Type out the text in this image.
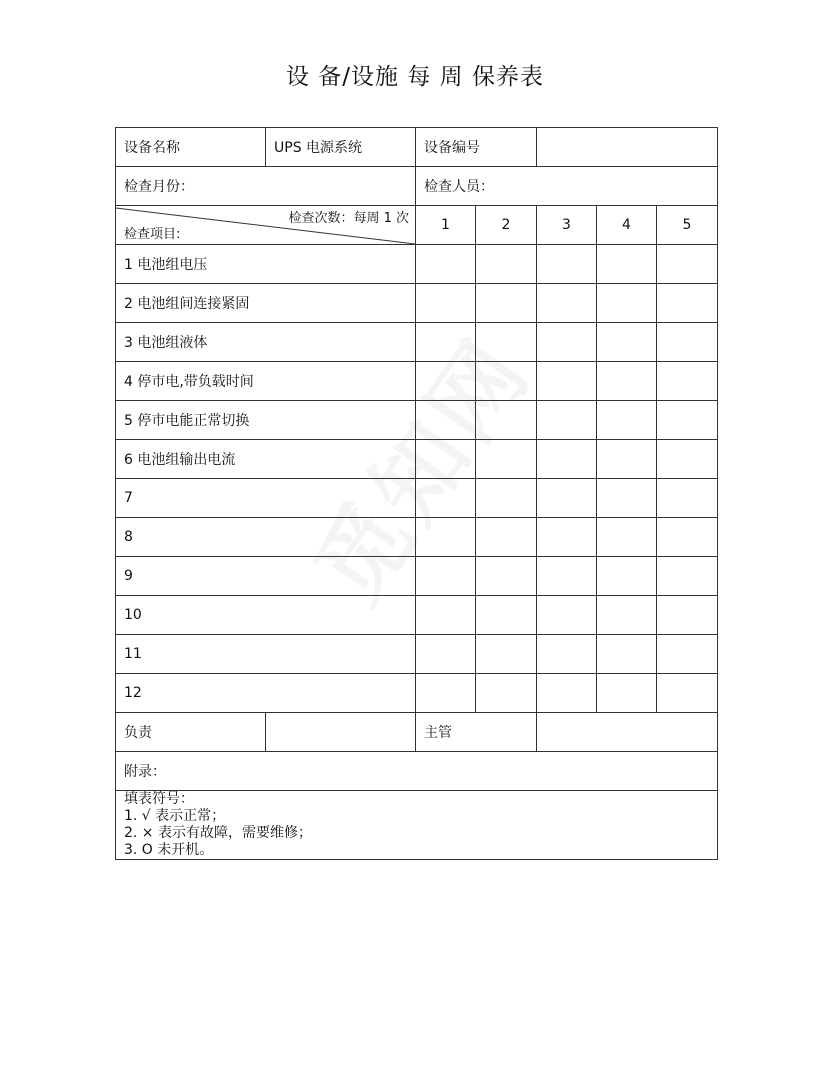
设 备/设施 每 周 保养表
设备名称	UPS 电源系统	设备编号				
检查月份：		检查人员：				

检查次数：每周 1 次
检查项目:		1	2	3	4	5
1 电池组电压						
2 电池组间连接紧固						
3 电池组液体						
4 停市电,带负载时间						
5 停市电能正常切换						
6 电池组输出电流						
7						
8						
9						
10						
11						
12						
负责		主管				
附录：						

填表符号：
1. √ 表示正常；
2. × 表示有故障，需要维修；
3. O 未开机。						
